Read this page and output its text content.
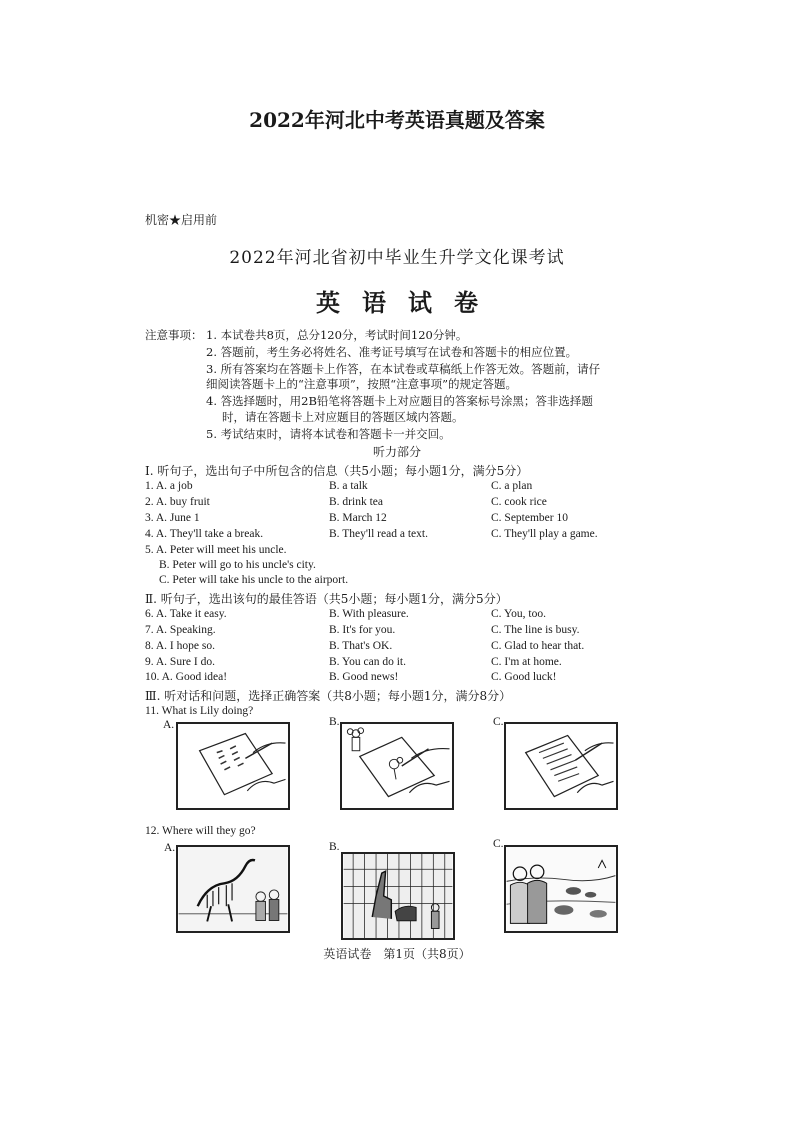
2022年河北中考英语真题及答案
机密★启用前
2022年河北省初中毕业生升学文化课考试
英语试卷
注意事项： 1. 本试卷共8页，总分120分，考试时间120分钟。
2. 答题前，考生务必将姓名、准考证号填写在试卷和答题卡的相应位置。
3. 所有答案均在答题卡上作答，在本试卷或草稿纸上作答无效。答题前，请仔
细阅读答题卡上的“注意事项”，按照“注意事项”的规定答题。
4. 答选择题时，用2B铅笔将答题卡上对应题目的答案标号涂黑；答非选择题
时，请在答题卡上对应题目的答题区域内答题。
5. 考试结束时，请将本试卷和答题卡一并交回。
听力部分
Ⅰ. 听句子，选出句子中所包含的信息（共5小题；每小题1分，满分5分）
1. A. a job	B. a talk	C. a plan
2. A. buy fruit	B. drink tea	C. cook rice
3. A. June 1	B. March 12	C. September 10
4. A. They'll take a break.	B. They'll read a text.	C. They'll play a game.
5. A. Peter will meet his uncle.
B. Peter will go to his uncle's city.
C. Peter will take his uncle to the airport.
Ⅱ. 听句子，选出该句的最佳答语（共5小题；每小题1分，满分5分）
6. A. Take it easy.	B. With pleasure.	C. You, too.
7. A. Speaking.	B. It's for you.	C. The line is busy.
8. A. I hope so.	B. That's OK.	C. Glad to hear that.
9. A. Sure I do.	B. You can do it.	C. I'm at home.
10. A. Good idea!	B. Good news!	C. Good luck!
Ⅲ. 听对话和问题，选择正确答案（共8小题；每小题1分，满分8分）
11. What is Lily doing?
A.	B.	C.
12. Where will they go?
A.	B.	C.
英语试卷　第1页（共8页）
